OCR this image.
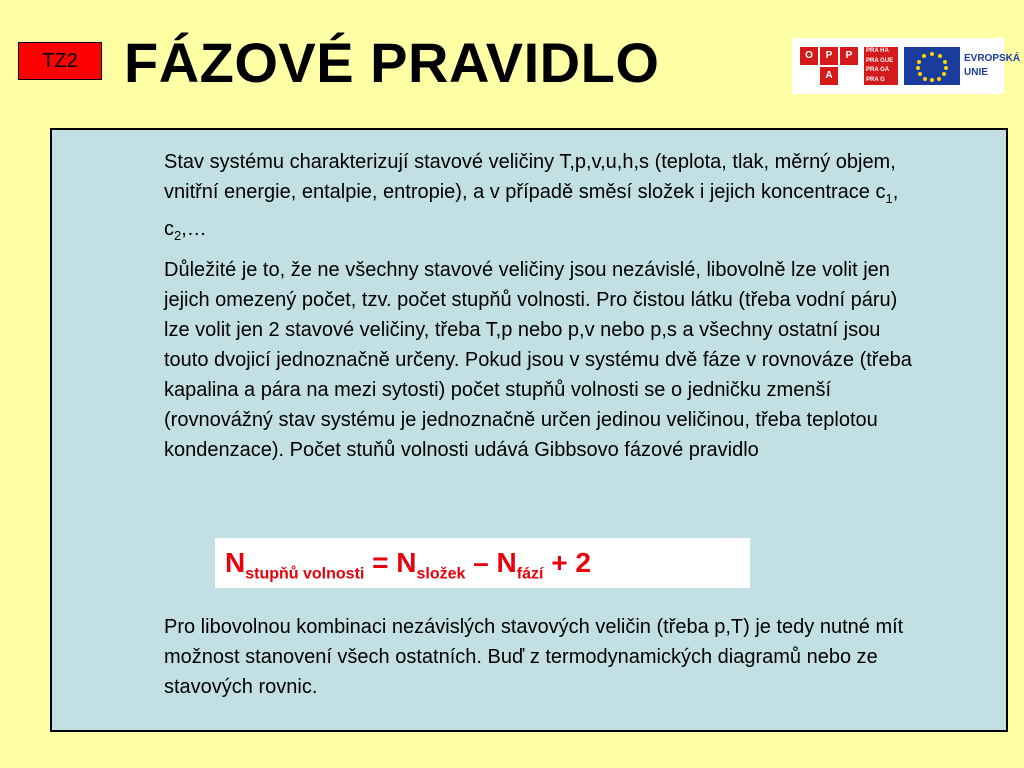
TZ2 FÁZOVÉ PRAVIDLO	O	P	P
A
PRA HA
PRA GUE
PRA GA
PRA G
EVROPSKÁ
UNIE
Stav systému charakterizují stavové veličiny T,p,v,u,h,s (teplota, tlak, měrný objem, vnitřní energie, entalpie, entropie), a v případě směsí složek i jejich koncentrace $c_1$, $c_2,\dots$
Důležité je to, že ne všechny stavové veličiny jsou nezávislé, libovolně lze volit jen jejich omezený počet, tzv. počet stupňů volnosti. Pro čistou látku (třeba vodní páru) lze volit jen 2 stavové veličiny, třeba T,p nebo p,v nebo p,s a všechny ostatní jsou touto dvojicí jednoznačně určeny. Pokud jsou v systému dvě fáze v rovnováze (třeba kapalina a pára na mezi sytosti) počet stupňů volnosti se o jedničku zmenší (rovnovážný stav systému je jednoznačně určen jedinou veličinou, třeba teplotou kondenzace). Počet stuňů volnosti udává Gibbsovo fázové pravidlo
$N_{stupňů volnosti} = N_{složek} - N_{fází} + 2$
Pro libovolnou kombinaci nezávislých stavových veličin (třeba p,T) je tedy nutné mít možnost stanovení všech ostatních. Buď z termodynamických diagramů nebo ze stavových rovnic.
